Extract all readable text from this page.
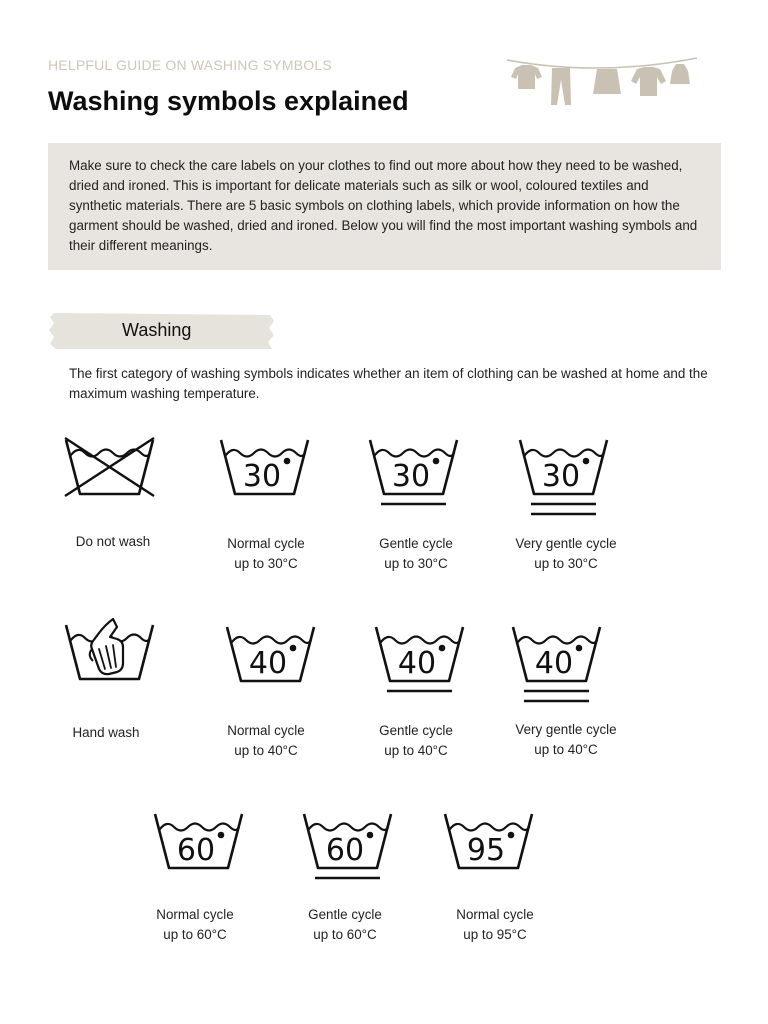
HELPFUL GUIDE ON WASHING SYMBOLS
Washing symbols explained

Make sure to check the care labels on your clothes to find out more about how they need to be washed, dried and ironed. This is important for delicate materials such as silk or wool, coloured textiles and synthetic materials. There are 5 basic symbols on clothing labels, which provide information on how the garment should be washed, dried and ironed. Below you will find the most important washing symbols and their different meanings.

Washing

The first category of washing symbols indicates whether an item of clothing can be washed at home and the maximum washing temperature.

Do not wash
30
Normal cycle
up to 30°C
30
Gentle cycle
up to 30°C
30
Very gentle cycle
up to 30°C
Hand wash
40
Normal cycle
up to 40°C
40
Gentle cycle
up to 40°C
40
Very gentle cycle
up to 40°C
60
Normal cycle
up to 60°C
60
Gentle cycle
up to 60°C
95
Normal cycle
up to 95°C
